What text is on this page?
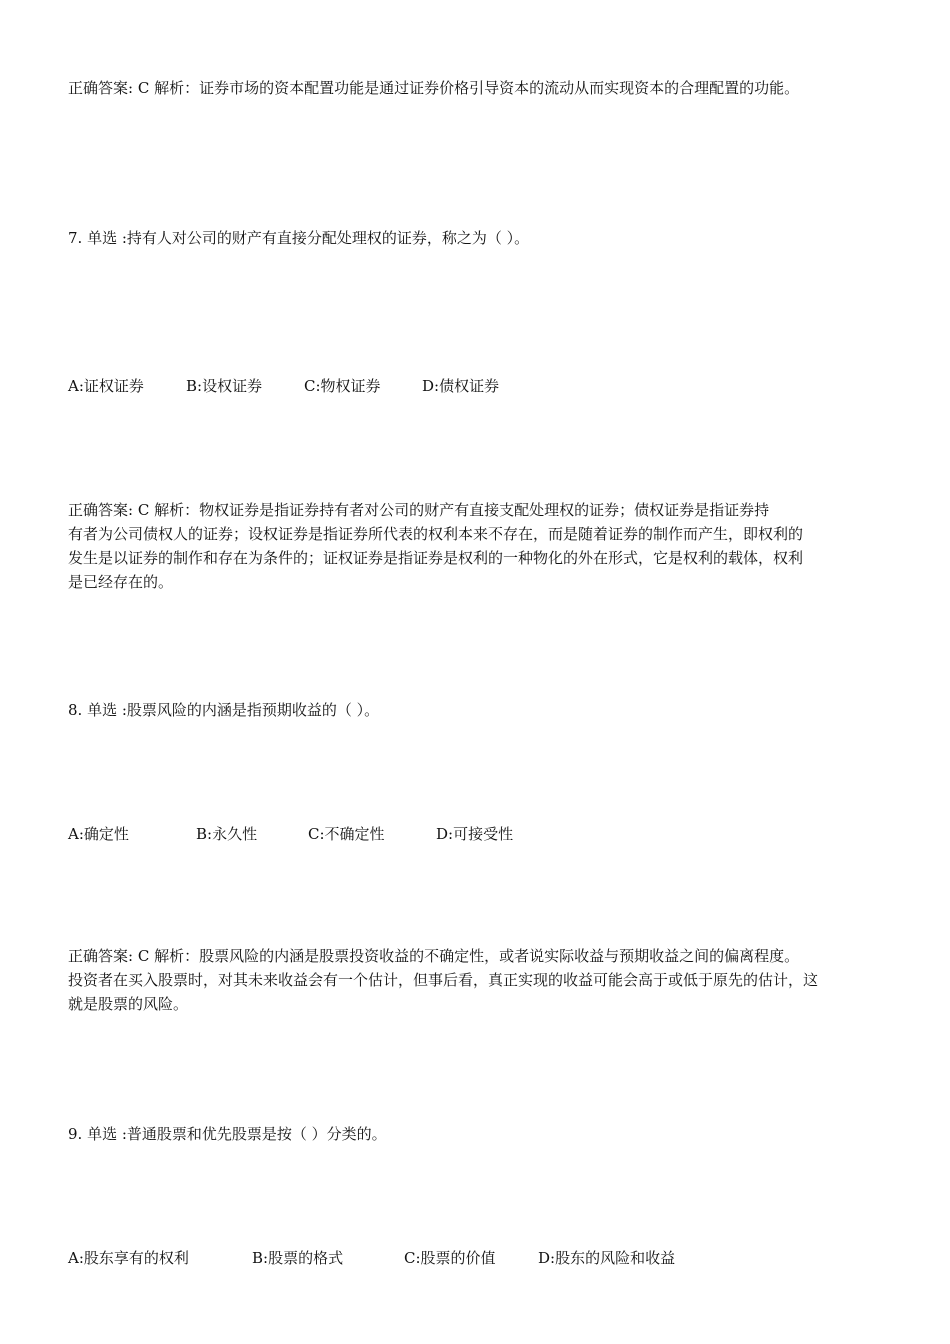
正确答案: C 解析：证券市场的资本配置功能是通过证券价格引导资本的流动从而实现资本的合理配置的功能。
7. 单选 :持有人对公司的财产有直接分配处理权的证券，称之为（ ）。
A:证权证券	B:设权证券	C:物权证券	D:债权证券
正确答案: C 解析：物权证券是指证券持有者对公司的财产有直接支配处理权的证券；债权证券是指证券持
有者为公司债权人的证券；设权证券是指证券所代表的权利本来不存在，而是随着证券的制作而产生，即权利的
发生是以证券的制作和存在为条件的；证权证券是指证券是权利的一种物化的外在形式，它是权利的载体，权利
是已经存在的。
8. 单选 :股票风险的内涵是指预期收益的（ ）。
A:确定性	B:永久性	C:不确定性	D:可接受性
正确答案: C 解析：股票风险的内涵是股票投资收益的不确定性，或者说实际收益与预期收益之间的偏离程度。
投资者在买入股票时，对其未来收益会有一个估计，但事后看，真正实现的收益可能会高于或低于原先的估计，这
就是股票的风险。
9. 单选 :普通股票和优先股票是按（ ）分类的。
A:股东享有的权利	B:股票的格式	C:股票的价值	D:股东的风险和收益
